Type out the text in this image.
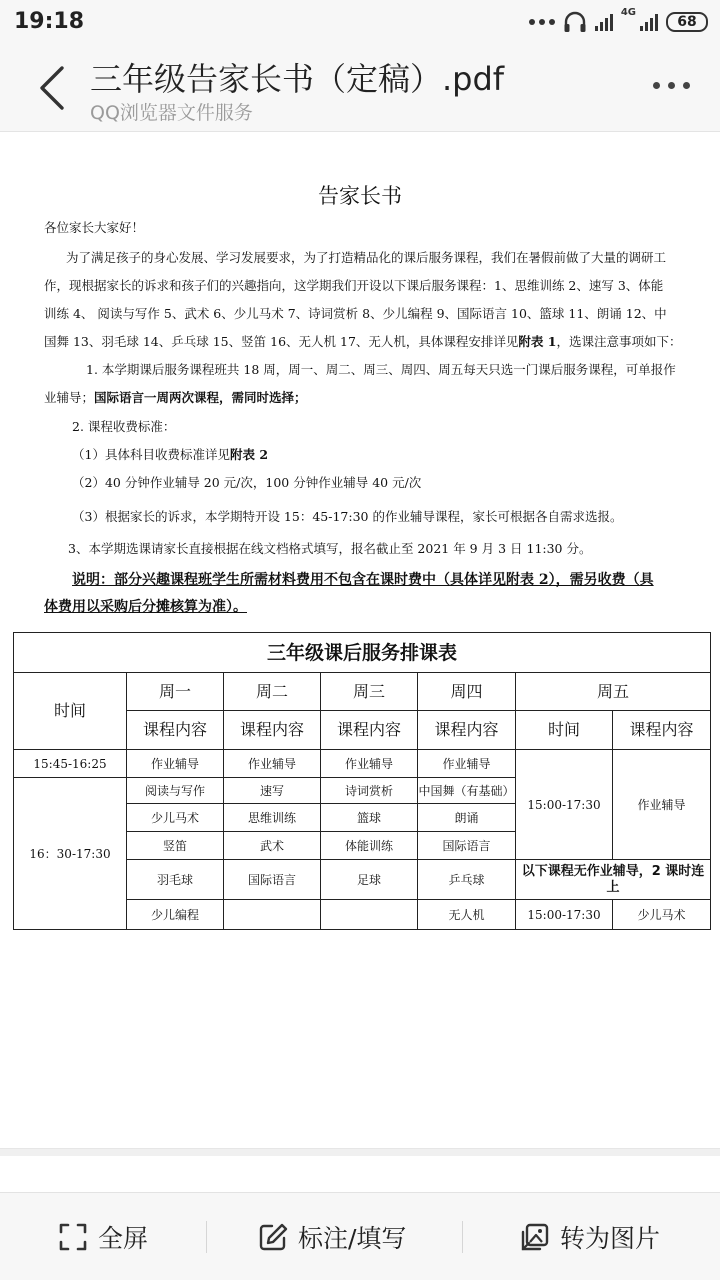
19:18	4G
68
三年级告家长书（定稿）.pdf
QQ浏览器文件服务
告家长书
各位家长大家好！
为了满足孩子的身心发展、学习发展要求，为了打造精品化的课后服务课程，我们在暑假前做了大量的调研工
作，现根据家长的诉求和孩子们的兴趣指向，这学期我们开设以下课后服务课程：1、思维训练 2、速写 3、体能
训练 4、 阅读与写作 5、武术 6、少儿马术 7、诗词赏析 8、少儿编程 9、国际语言 10、篮球 11、朗诵 12、中
国舞 13、羽毛球 14、乒乓球 15、竖笛 16、无人机 17、无人机，具体课程安排详见附表 1，选课注意事项如下：
1. 本学期课后服务课程班共 18 周，周一、周二、周三、周四、周五每天只选一门课后服务课程，可单报作
业辅导；国际语言一周两次课程，需同时选择；
2. 课程收费标准：
（1）具体科目收费标准详见附表 2
（2）40 分钟作业辅导 20 元/次，100 分钟作业辅导 40 元/次
（3）根据家长的诉求，本学期特开设 15：45-17:30 的作业辅导课程，家长可根据各自需求选报。
3、本学期选课请家长直接根据在线文档格式填写，报名截止至 2021 年 9 月 3 日 11:30 分。
说明：部分兴趣课程班学生所需材料费用不包含在课时费中（具体详见附表 2），需另收费（具
体费用以采购后分摊核算为准）。
三年级课后服务排课表						
时间	周一	周二	周三	周四	周五	
	课程内容	课程内容	课程内容	课程内容	时间	课程内容
15:45-16:25	作业辅导	作业辅导	作业辅导	作业辅导	15:00-17:30	作业辅导
16：30-17:30	阅读与写作	速写	诗词赏析	中国舞（有基础）		
	少儿马术	思维训练	篮球	朗诵		
	竖笛	武术	体能训练	国际语言		
	羽毛球	国际语言	足球	乒乓球	以下课程无作业辅导，2 课时连上	
	少儿编程			无人机	15:00-17:30	少儿马术
全屏	标注/填写	转为图片
